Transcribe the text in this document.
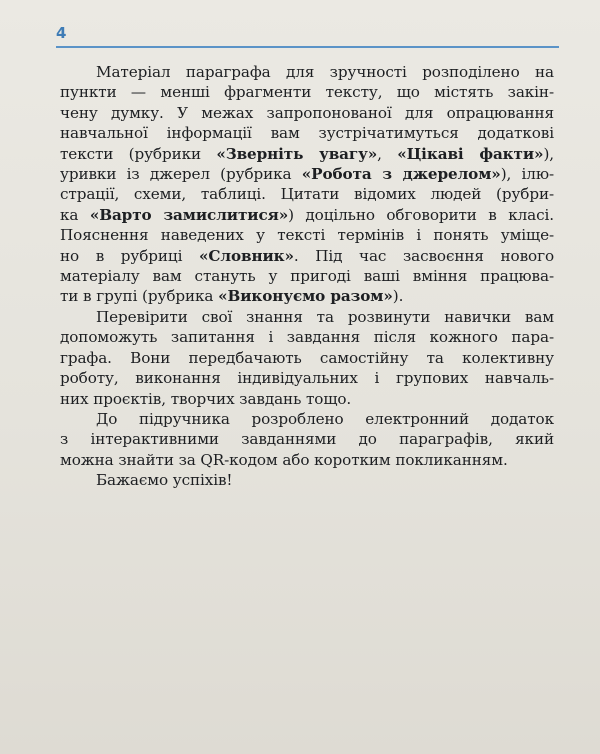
4

Матеріал параграфа для зручності розподілено на

пункти — менші фрагменти тексту, що містять закін-

чену думку. У межах запропонованої для опрацювання

навчальної інформації вам зустрічатимуться додаткові

тексти (рубрики «Зверніть увагу», «Цікаві факти»),

уривки із джерел (рубрика «Робота з джерелом»), ілю-

страції, схеми, таблиці. Цитати відомих людей (рубри-

ка «Варто замислитися») доцільно обговорити в класі.

Пояснення наведених у тексті термінів і понять уміще-

но в рубриці «Словник». Під час засвоєння нового

матеріалу вам стануть у пригоді ваші вміння працюва-

ти в групі (рубрика «Виконуємо разом»).

Перевірити свої знання та розвинути навички вам

допоможуть запитання і завдання після кожного пара-

графа. Вони передбачають самостійну та колективну

роботу, виконання індивідуальних і групових навчаль-

них проєктів, творчих завдань тощо.

До підручника розроблено електронний додаток

з інтерактивними завданнями до параграфів, який

можна знайти за QR-кодом або коротким покликанням.

Бажаємо успіхів!
